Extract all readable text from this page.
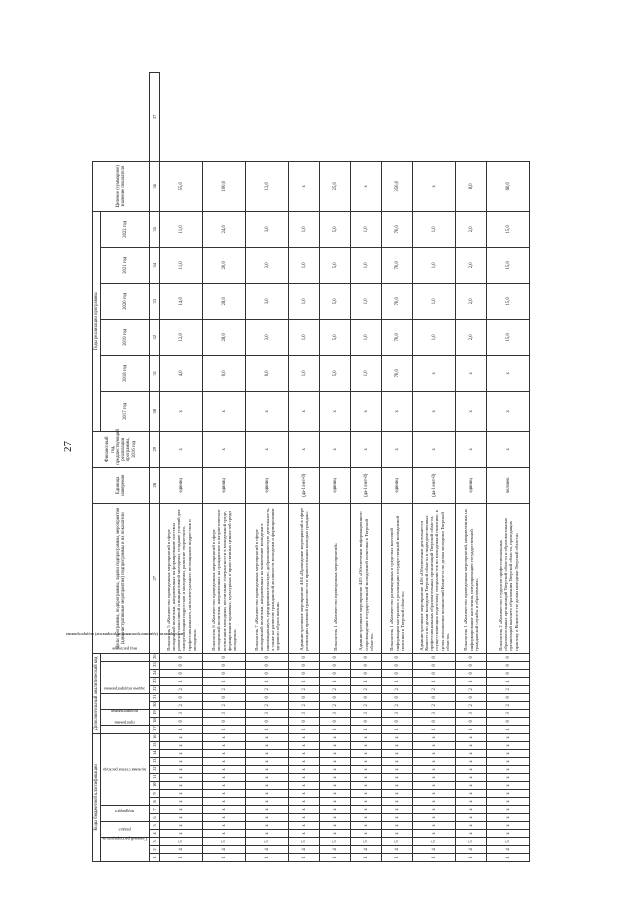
27
Коды бюджетной классификации																Дополнительный аналитический код										Цели программы, подпрограммы, задачи подпрограммы, мероприятия (административные мероприятия) подпрограммы и их показатели	Единица измерения	Финансовый год, предшествующий реализации программы, 2016 год	Годы реализации программы						Целевое (суммарное) значение показателя	
Главный распорядитель			раздел		подраздел		целевая статья расхода									программа	подпрограмма		задача подпрограммы		мероприятие (административное мероприятие) подпрограммы				вид расходов				2017 год	2018 год	2019 год	2020 год	2021 год	2022 год		
1	2	3	4	5	6	7	8	9	10	11	12	13	14	15	16	17	18	19	20	21	22	23	24	25	26	27	28	29	30	31	32	33	34	35	36	37
1	4	5	x	x	x	x	x	x	x	x	x	x	x	x	x	1	0	3	2	0	2	1	0	0	0	Показатель 5 «Количество проведенных мероприятий в сфере молодежной политики, направленных на формирование системы развития талантливой и инициативной молодежи, создание условий для самореализации подростков и молодежи, развитие творческого, профессионального, интеллектуального потенциалов подростков и молодежи»	единиц	x	x	4,0	12,0	14,0	11,0	11,0	55,0	
1	4	5	x	x	x	x	x	x	x	x	x	x	x	x	x	1	0	3	2	0	2	1	0	0	0	Показатель 6 «Количество проведенных мероприятий в сфере молодежной политики, направленных на гражданское и патриотическое воспитание молодежи, воспитание толерантности в молодежной среде, формирование правовых, культурных и нравственных ценностей среди молодежи»	единиц	x	x	0,0	28,0	28,0	20,0	24,0	100,0	
1	4	5	x	x	x	x	x	x	x	x	x	x	x	x	x	1	0	3	2	0	2	1	0	0	0	Показатель 7 «Количество проведенных мероприятий в сфере молодежной политики, направленных на вовлечение молодежи в инновационную, предпринимательскую, добровольческую деятельность, а также на развитие гражданской активности молодежи и формирование здорового образа жизни»	единиц	x	x	0,0	3,0	3,0	3,0	3,0	12,0	
1	4	5	x	x	x	x	x	x	x	x	x	x	x	x	x	1	0	3	2	0	2	1	0	0	0	Административное мероприятие 4.04 «Проведение мероприятий в сфере реализации правовой грамотности и правосознания молодых граждан»	(да-1/нет-0)	x	x	1,0	1,0	1,0	1,0	1,0	x	
1	4	5	x	x	x	x	x	x	x	x	x	x	x	x	x	1	0	3	2	0	2	1	0	0	0	Показатель 1 «Количество проведенных мероприятий»	единиц	x	x	5,0	5,0	5,0	5,0	5,0	25,0	
1	4	5	x	x	x	x	x	x	x	x	x	x	x	x	x	1	0	3	2	0	2	1	0	0	0	Административное мероприятие 4.05 «Обеспечение информационного сопровождения государственной молодежной политики в Тверской области»	(да-1/нет-0)	x	x	1,0	1,0	1,0	1,0	1,0	x	
1	4	5	x	x	x	x	x	x	x	x	x	x	x	x	x	1	0	3	2	0	2	1	0	0	0	Показатель 1 «Количество размещенных в средствах массовой информации материалов о реализации государственной молодежной политики в Тверской области»	единиц	x	x	70,0	70,0	70,0	70,0	70,0	350,0	
1	4	5	x	x	x	x	x	x	x	x	x	x	x	x	x	1	0	3	2	0	2	1	0	0	0	Административное мероприятие 4.06 «Обеспечение деятельности Комитета по делам молодежи Тверской области и подведомственных профессиональных образовательных организаций Тверской области, осуществляющих подготовку специалистов по молодежной политике, в целях исполнения полномочий Комитета по делам молодежи Тверской области»	(да-1/нет-0)	x	x	x	1,0	1,0	1,0	1,0	x	
1	4	5	x	x	x	x	x	x	x	x	x	x	x	x	x	1	0	3	2	0	2	1	0	0	0	Показатель 1 «Количество проведенных мероприятий, направленных на информирование населения, популяризацию государственной гражданской службы и образования»	единиц	x	x	x	2,0	2,0	2,0	2,0	8,0	
1	4	5	x	x	x	x	x	x	x	x	x	x	x	x	x	1	0	3	2	0	2	1	0	0	0	Показатель 2 «Количество студентов профессиональных образовательных организаций Тверской области и образовательных организаций высшего образования Тверской области, проходящих практику в Комитете по делам молодежи Тверской области»	человек	x	x	x	15,0	15,0	15,0	15,0	60,0	
